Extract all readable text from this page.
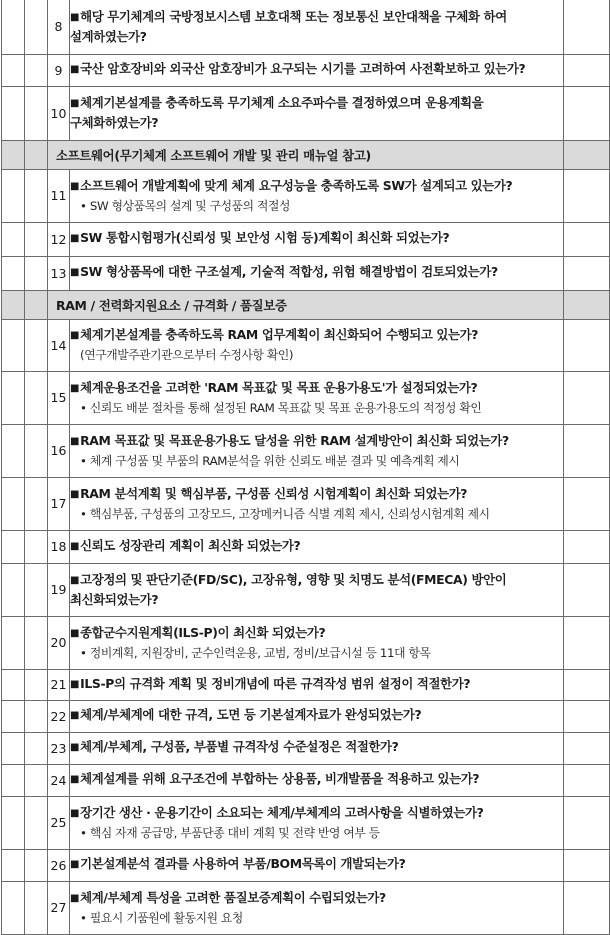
		8	■해당 무기체계의 국방정보시스템 보호대책 또는 정보통신 보안대책을 구체화 하여 설계하였는가?	

		9	■국산 암호장비와 외국산 암호장비가 요구되는 시기를 고려하여 사전확보하고 있는가?	

		10	■체계기본설계를 충족하도록 무기체계 소요주파수를 결정하였으며 운용계획을 구체화하였는가?	

		소프트웨어(무기체계 소프트웨어 개발 및 관리 매뉴얼 참고)		
		11	■소프트웨어 개발계획에 맞게 체계 요구성능을 충족하도록 SW가 설계되고 있는가?
• SW 형상품목의 설계 및 구성품의 적절성	

		12	■SW 통합시험평가(신뢰성 및 보안성 시험 등)계획이 최신화 되었는가?	

		13	■SW 형상품목에 대한 구조설계, 기술적 적합성, 위험 해결방법이 검토되었는가?	

		RAM / 전력화지원요소 / 규격화 / 품질보증		
		14	■체계기본설계를 충족하도록 RAM 업무계획이 최신화되어 수행되고 있는가?
(연구개발주관기관으로부터 수정사항 확인)	

		15	■체계운용조건을 고려한 'RAM 목표값 및 목표 운용가용도'가 설정되었는가?
• 신뢰도 배분 절차를 통해 설정된 RAM 목표값 및 목표 운용가용도의 적정성 확인	

		16	■RAM 목표값 및 목표운용가용도 달성을 위한 RAM 설계방안이 최신화 되었는가?
• 체계 구성품 및 부품의 RAM분석을 위한 신뢰도 배분 결과 및 예측계획 제시	

		17	■RAM 분석계획 및 핵심부품, 구성품 신뢰성 시험계획이 최신화 되었는가?
• 핵심부품, 구성품의 고장모드, 고장메커니즘 식별 계획 제시, 신뢰성시험계획 제시	

		18	■신뢰도 성장관리 계획이 최신화 되었는가?	

		19	■고장정의 및 판단기준(FD/SC), 고장유형, 영향 및 치명도 분석(FMECA) 방안이 최신화되었는가?	

		20	■종합군수지원계획(ILS-P)이 최신화 되었는가?
• 정비계획, 지원장비, 군수인력운용, 교범, 정비/보급시설 등 11대 항목	

		21	■ILS-P의 규격화 계획 및 정비개념에 따른 규격작성 범위 설정이 적절한가?	

		22	■체계/부체계에 대한 규격, 도면 등 기본설계자료가 완성되었는가?	

		23	■체계/부체계, 구성품, 부품별 규격작성 수준설정은 적절한가?	

		24	■체계설계를 위해 요구조건에 부합하는 상용품, 비개발품을 적용하고 있는가?	

		25	■장기간 생산 · 운용기간이 소요되는 체계/부체계의 고려사항을 식별하였는가?
• 핵심 자재 공급망, 부품단종 대비 계획 및 전략 반영 여부 등	

		26	■기본설계분석 결과를 사용하여 부품/BOM목록이 개발되는가?	

		27	■체계/부체계 특성을 고려한 품질보증계획이 수립되었는가?
• 필요시 기품원에 활동지원 요청	
